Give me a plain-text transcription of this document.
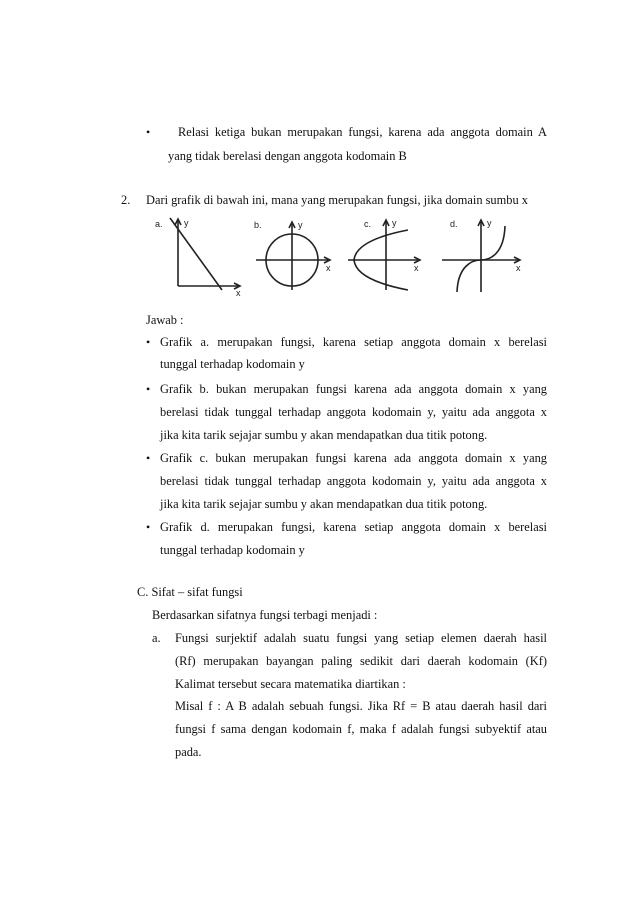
• Relasi ketiga bukan merupakan fungsi, karena ada anggota domain A
yang tidak berelasi dengan anggota kodomain B
2. Dari grafik di bawah ini, mana yang merupakan fungsi, jika domain sumbu x
a. y
x
b.	y
x
c. y
x
d.	y
x
Jawab :
• Grafik a. merupakan fungsi, karena setiap anggota domain x berelasi
tunggal terhadap kodomain y
• Grafik b. bukan merupakan fungsi karena ada anggota domain x yang
berelasi tidak tunggal terhadap anggota kodomain y, yaitu ada anggota x
jika kita tarik sejajar sumbu y akan mendapatkan dua titik potong.
• Grafik c. bukan merupakan fungsi karena ada anggota domain x yang
berelasi tidak tunggal terhadap anggota kodomain y, yaitu ada anggota x
jika kita tarik sejajar sumbu y akan mendapatkan dua titik potong.
• Grafik d. merupakan fungsi, karena setiap anggota domain x berelasi
tunggal terhadap kodomain y
C. Sifat – sifat fungsi
Berdasarkan sifatnya fungsi terbagi menjadi :
a. Fungsi surjektif adalah suatu fungsi yang setiap elemen daerah hasil
(Rf) merupakan bayangan paling sedikit dari daerah kodomain (Kf)
Kalimat tersebut secara matematika diartikan :
Misal f : A B adalah sebuah fungsi. Jika Rf = B atau daerah hasil dari
fungsi f sama dengan kodomain f, maka f adalah fungsi subyektif atau
pada.
